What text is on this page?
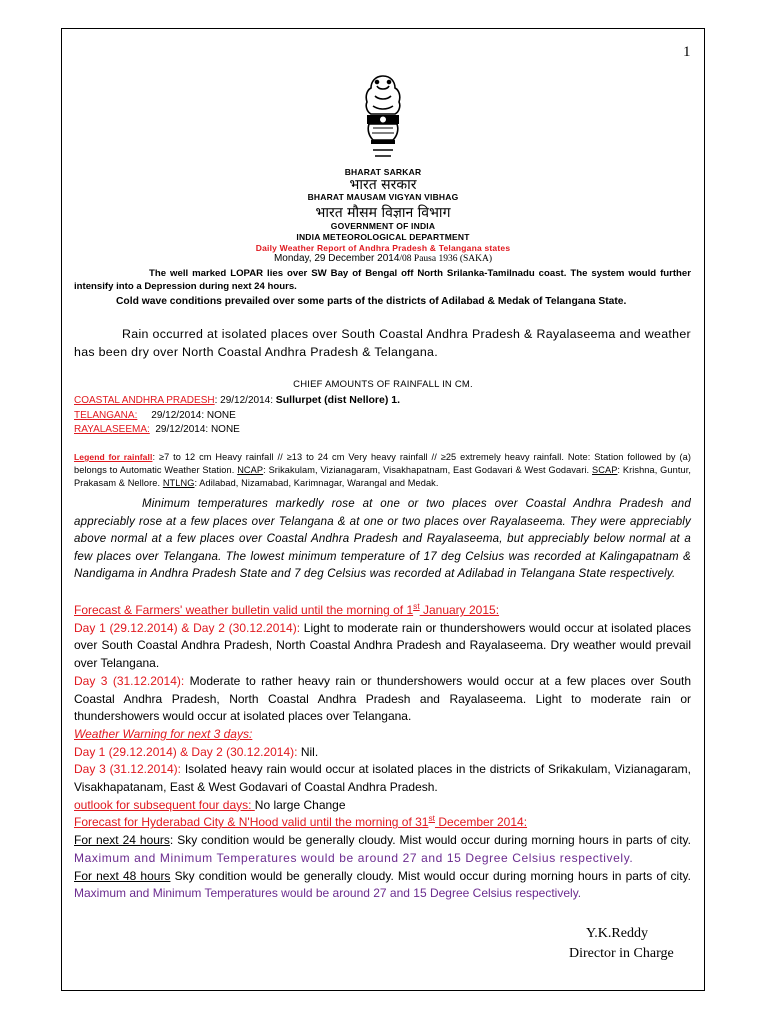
1
BHARAT SARKAR
भारत सरकार
BHARAT MAUSAM VIGYAN VIBHAG
भारत मौसम विज्ञान विभाग
GOVERNMENT OF INDIA
INDIA METEOROLOGICAL DEPARTMENT
Daily Weather Report of Andhra Pradesh & Telangana states
Monday, 29 December 2014/08 Pausa 1936 (SAKA)
The well marked LOPAR lies over SW Bay of Bengal off North Srilanka-Tamilnadu coast. The system would further intensify into a Depression during next 24 hours.
Cold wave conditions prevailed over some parts of the districts of Adilabad & Medak of Telangana State.
Rain occurred at isolated places over South Coastal Andhra Pradesh & Rayalaseema and weather has been dry over North Coastal Andhra Pradesh & Telangana.
CHIEF AMOUNTS OF RAINFALL IN CM.
COASTAL ANDHRA PRADESH: 29/12/2014: Sullurpet (dist Nellore) 1.
TELANGANA: 29/12/2014: NONE
RAYALASEEMA: 29/12/2014: NONE
Legend for rainfall: ≥7 to 12 cm Heavy rainfall // ≥13 to 24 cm Very heavy rainfall // ≥25 extremely heavy rainfall. Note: Station followed by (a) belongs to Automatic Weather Station. NCAP: Srikakulam, Vizianagaram, Visakhapatnam, East Godavari & West Godavari. SCAP: Krishna, Guntur, Prakasam & Nellore. NTLNG: Adilabad, Nizamabad, Karimnagar, Warangal and Medak.
Minimum temperatures markedly rose at one or two places over Coastal Andhra Pradesh and appreciably rose at a few places over Telangana & at one or two places over Rayalaseema. They were appreciably above normal at a few places over Coastal Andhra Pradesh and Rayalaseema, but appreciably below normal at a few places over Telangana. The lowest minimum temperature of 17 deg Celsius was recorded at Kalingapatnam & Nandigama in Andhra Pradesh State and 7 deg Celsius was recorded at Adilabad in Telangana State respectively.
Forecast & Farmers' weather bulletin valid until the morning of 1st January 2015:
Day 1 (29.12.2014) & Day 2 (30.12.2014): Light to moderate rain or thundershowers would occur at isolated places over South Coastal Andhra Pradesh, North Coastal Andhra Pradesh and Rayalaseema. Dry weather would prevail over Telangana.
Day 3 (31.12.2014): Moderate to rather heavy rain or thundershowers would occur at a few places over South Coastal Andhra Pradesh, North Coastal Andhra Pradesh and Rayalaseema. Light to moderate rain or thundershowers would occur at isolated places over Telangana.
Weather Warning for next 3 days:
Day 1 (29.12.2014) & Day 2 (30.12.2014): Nil.
Day 3 (31.12.2014): Isolated heavy rain would occur at isolated places in the districts of Srikakulam, Vizianagaram, Visakhapatanam, East & West Godavari of Coastal Andhra Pradesh.
outlook for subsequent four days: No large Change
Forecast for Hyderabad City & N'Hood valid until the morning of 31st December 2014:
For next 24 hours: Sky condition would be generally cloudy. Mist would occur during morning hours in parts of city. Maximum and Minimum Temperatures would be around 27 and 15 Degree Celsius respectively.
For next 48 hours Sky condition would be generally cloudy. Mist would occur during morning hours in parts of city. Maximum and Minimum Temperatures would be around 27 and 15 Degree Celsius respectively.
Y.K.Reddy
Director in Charge
